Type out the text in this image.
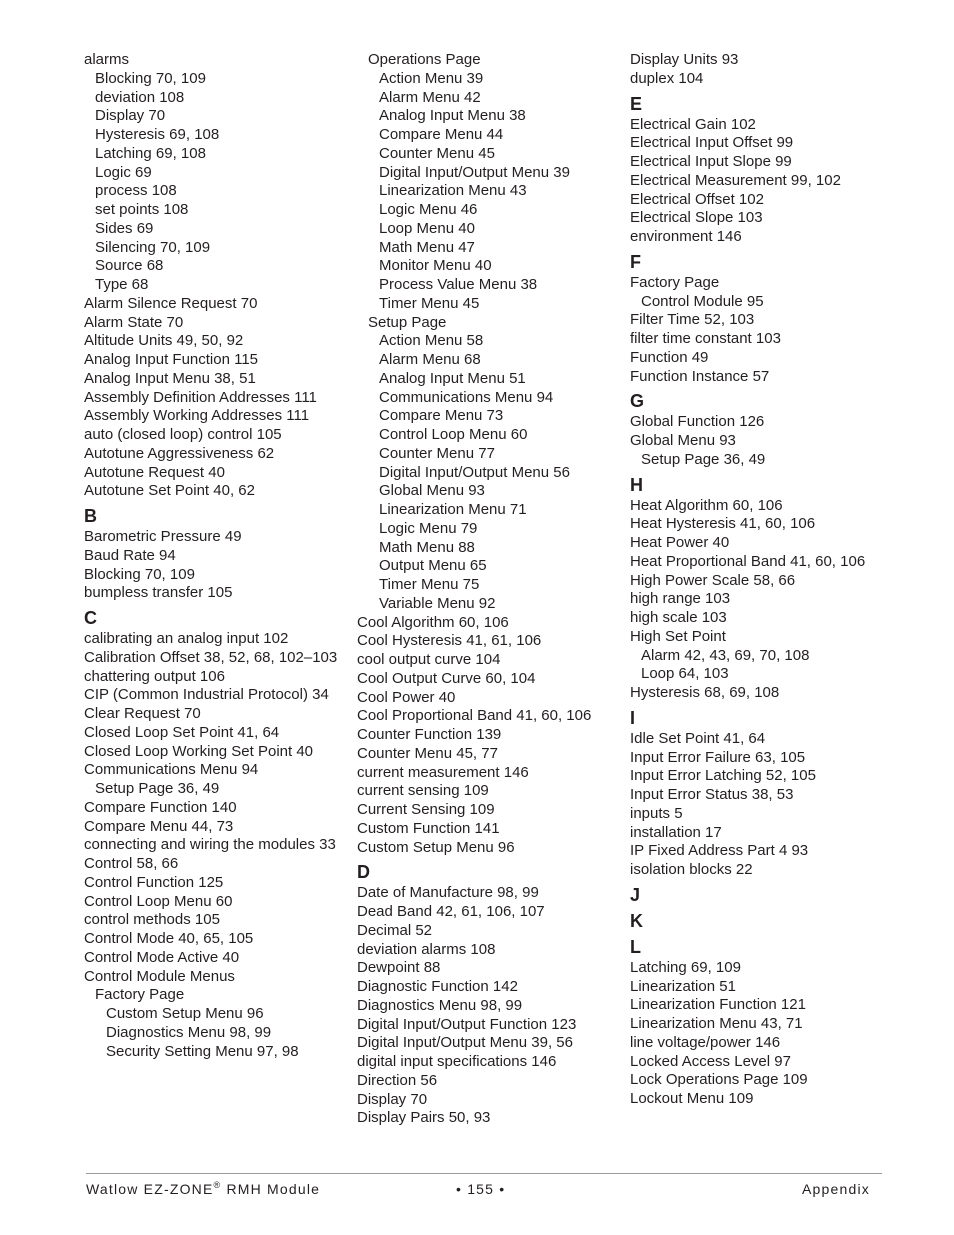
alarms
Blocking 70, 109
deviation 108
Display 70
Hysteresis 69, 108
Latching 69, 108
Logic 69
process 108
set points 108
Sides 69
Silencing 70, 109
Source 68
Type 68
Alarm Silence Request 70
Alarm State 70
Altitude Units 49, 50, 92
Analog Input Function 115
Analog Input Menu 38, 51
Assembly Definition Addresses 111
Assembly Working Addresses 111
auto (closed loop) control 105
Autotune Aggressiveness 62
Autotune Request 40
Autotune Set Point 40, 62
B
Barometric Pressure 49
Baud Rate 94
Blocking 70, 109
bumpless transfer 105
C
calibrating an analog input 102
Calibration Offset 38, 52, 68, 102–103
chattering output 106
CIP (Common Industrial Protocol) 34
Clear Request 70
Closed Loop Set Point 41, 64
Closed Loop Working Set Point 40
Communications Menu 94
Setup Page 36, 49
Compare Function 140
Compare Menu 44, 73
connecting and wiring the modules 33
Control 58, 66
Control Function 125
Control Loop Menu 60
control methods 105
Control Mode 40, 65, 105
Control Mode Active 40
Control Module Menus
Factory Page
Custom Setup Menu 96
Diagnostics Menu 98, 99
Security Setting Menu 97, 98
Operations Page
Action Menu 39
Alarm Menu 42
Analog Input Menu 38
Compare Menu 44
Counter Menu 45
Digital Input/Output Menu 39
Linearization Menu 43
Logic Menu 46
Loop Menu 40
Math Menu 47
Monitor Menu 40
Process Value Menu 38
Timer Menu 45
Setup Page
Action Menu 58
Alarm Menu 68
Analog Input Menu 51
Communications Menu 94
Compare Menu 73
Control Loop Menu 60
Counter Menu 77
Digital Input/Output Menu 56
Global Menu 93
Linearization Menu 71
Logic Menu 79
Math Menu 88
Output Menu 65
Timer Menu 75
Variable Menu 92
Cool Algorithm 60, 106
Cool Hysteresis 41, 61, 106
cool output curve 104
Cool Output Curve 60, 104
Cool Power 40
Cool Proportional Band 41, 60, 106
Counter Function 139
Counter Menu 45, 77
current measurement 146
current sensing 109
Current Sensing 109
Custom Function 141
Custom Setup Menu 96
D
Date of Manufacture 98, 99
Dead Band 42, 61, 106, 107
Decimal 52
deviation alarms 108
Dewpoint 88
Diagnostic Function 142
Diagnostics Menu 98, 99
Digital Input/Output Function 123
Digital Input/Output Menu 39, 56
digital input specifications 146
Direction 56
Display 70
Display Pairs 50, 93
Display Units 93
duplex 104
E
Electrical Gain 102
Electrical Input Offset 99
Electrical Input Slope 99
Electrical Measurement 99, 102
Electrical Offset 102
Electrical Slope 103
environment 146
F
Factory Page
Control Module 95
Filter Time 52, 103
filter time constant 103
Function 49
Function Instance 57
G
Global Function 126
Global Menu 93
Setup Page 36, 49
H
Heat Algorithm 60, 106
Heat Hysteresis 41, 60, 106
Heat Power 40
Heat Proportional Band 41, 60, 106
High Power Scale 58, 66
high range 103
high scale 103
High Set Point
Alarm 42, 43, 69, 70, 108
Loop 64, 103
Hysteresis 68, 69, 108
I
Idle Set Point 41, 64
Input Error Failure 63, 105
Input Error Latching 52, 105
Input Error Status 38, 53
inputs 5
installation 17
IP Fixed Address Part 4 93
isolation blocks 22
J
K
L
Latching 69, 109
Linearization 51
Linearization Function 121
Linearization Menu 43, 71
line voltage/power 146
Locked Access Level 97
Lock Operations Page 109
Lockout Menu 109
Watlow EZ-ZONE® RMH Module	• 155 •	Appendix
